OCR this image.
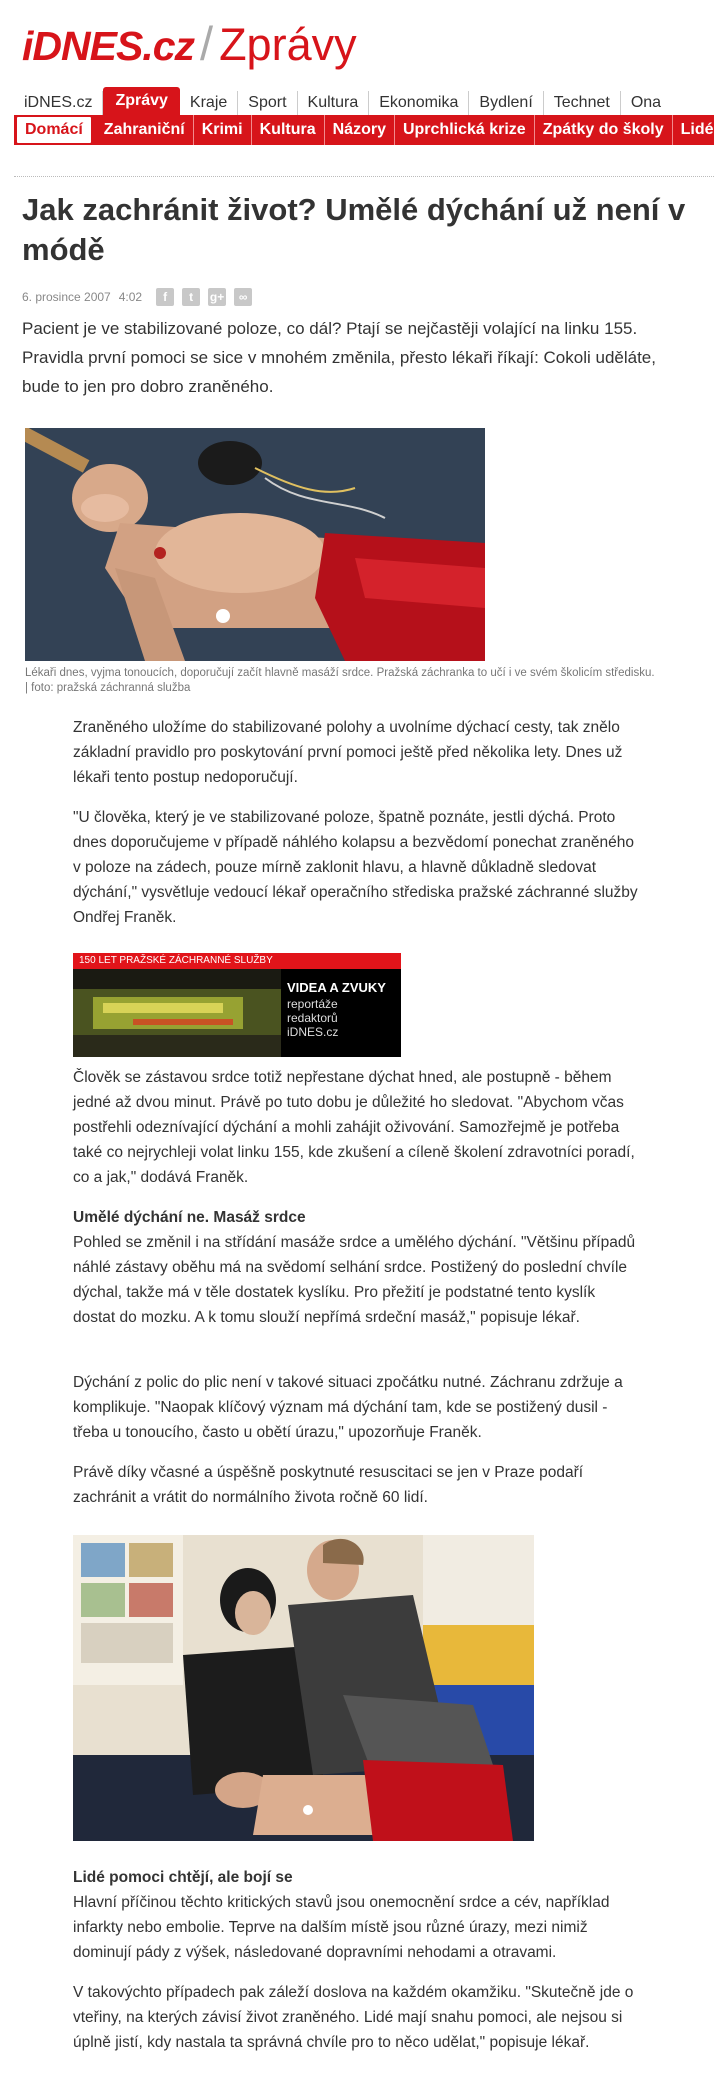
iDNES.cz / Zprávy
iDNES.cz	Zprávy	Kraje	Sport	Kultura	Ekonomika	Bydlení	Technet	Ona
Domácí	Zahraniční	Krimi	Kultura	Názory	Uprchlická krize	Zpátky do školy	Lidé
Jak zachránit život? Umělé dýchání už není v módě
6. prosince 2007 4:02	f	t	g+	∞

Pacient je ve stabilizované poloze, co dál? Ptají se nejčastěji volající na linku 155. Pravidla první pomoci se sice v mnohém změnila, přesto lékaři říkají: Cokoli uděláte, bude to jen pro dobro zraněného.

Lékaři dnes, vyjma tonoucích, doporučují začít hlavně masáží srdce. Pražská záchranka to učí i ve svém školicím středisku. | foto: pražská záchranná služba

Zraněného uložíme do stabilizované polohy a uvolníme dýchací cesty, tak znělo základní pravidlo pro poskytování první pomoci ještě před několika lety. Dnes už lékaři tento postup nedoporučují.

"U člověka, který je ve stabilizované poloze, špatně poznáte, jestli dýchá. Proto dnes doporučujeme v případě náhlého kolapsu a bezvědomí ponechat zraněného v poloze na zádech, pouze mírně zaklonit hlavu, a hlavně důkladně sledovat dýchání," vysvětluje vedoucí lékař operačního střediska pražské záchranné služby Ondřej Franěk.

150 LET PRAŽSKÉ ZÁCHRANNÉ SLUŽBY
VIDEA A ZVUKY
reportáže
redaktorů
iDNES.cz

Člověk se zástavou srdce totiž nepřestane dýchat hned, ale postupně - během jedné až dvou minut. Právě po tuto dobu je důležité ho sledovat. "Abychom včas postřehli odeznívající dýchání a mohli zahájit oživování. Samozřejmě je potřeba také co nejrychleji volat linku 155, kde zkušení a cíleně školení zdravotníci poradí, co a jak," dodává Franěk.

Umělé dýchání ne. Masáž srdce

Pohled se změnil i na střídání masáže srdce a umělého dýchání. "Většinu případů náhlé zástavy oběhu má na svědomí selhání srdce. Postižený do poslední chvíle dýchal, takže má v těle dostatek kyslíku. Pro přežití je podstatné tento kyslík dostat do mozku. A k tomu slouží nepřímá srdeční masáž," popisuje lékař.

Dýchání z polic do plic není v takové situaci zpočátku nutné. Záchranu zdržuje a komplikuje. "Naopak klíčový význam má dýchání tam, kde se postižený dusil - třeba u tonoucího, často u obětí úrazu," upozorňuje Franěk.

Právě díky včasné a úspěšně poskytnuté resuscitaci se jen v Praze podaří zachránit a vrátit do normálního života ročně 60 lidí.

Lidé pomoci chtějí, ale bojí se

Hlavní příčinou těchto kritických stavů jsou onemocnění srdce a cév, například infarkty nebo embolie. Teprve na dalším místě jsou různé úrazy, mezi nimiž dominují pády z výšek, následované dopravními nehodami a otravami.

V takovýchto případech pak záleží doslova na každém okamžiku. "Skutečně jde o vteřiny, na kterých závisí život zraněného. Lidé mají snahu pomoci, ale nejsou si úplně jistí, kdy nastala ta správná chvíle pro to něco udělat," popisuje lékař.
